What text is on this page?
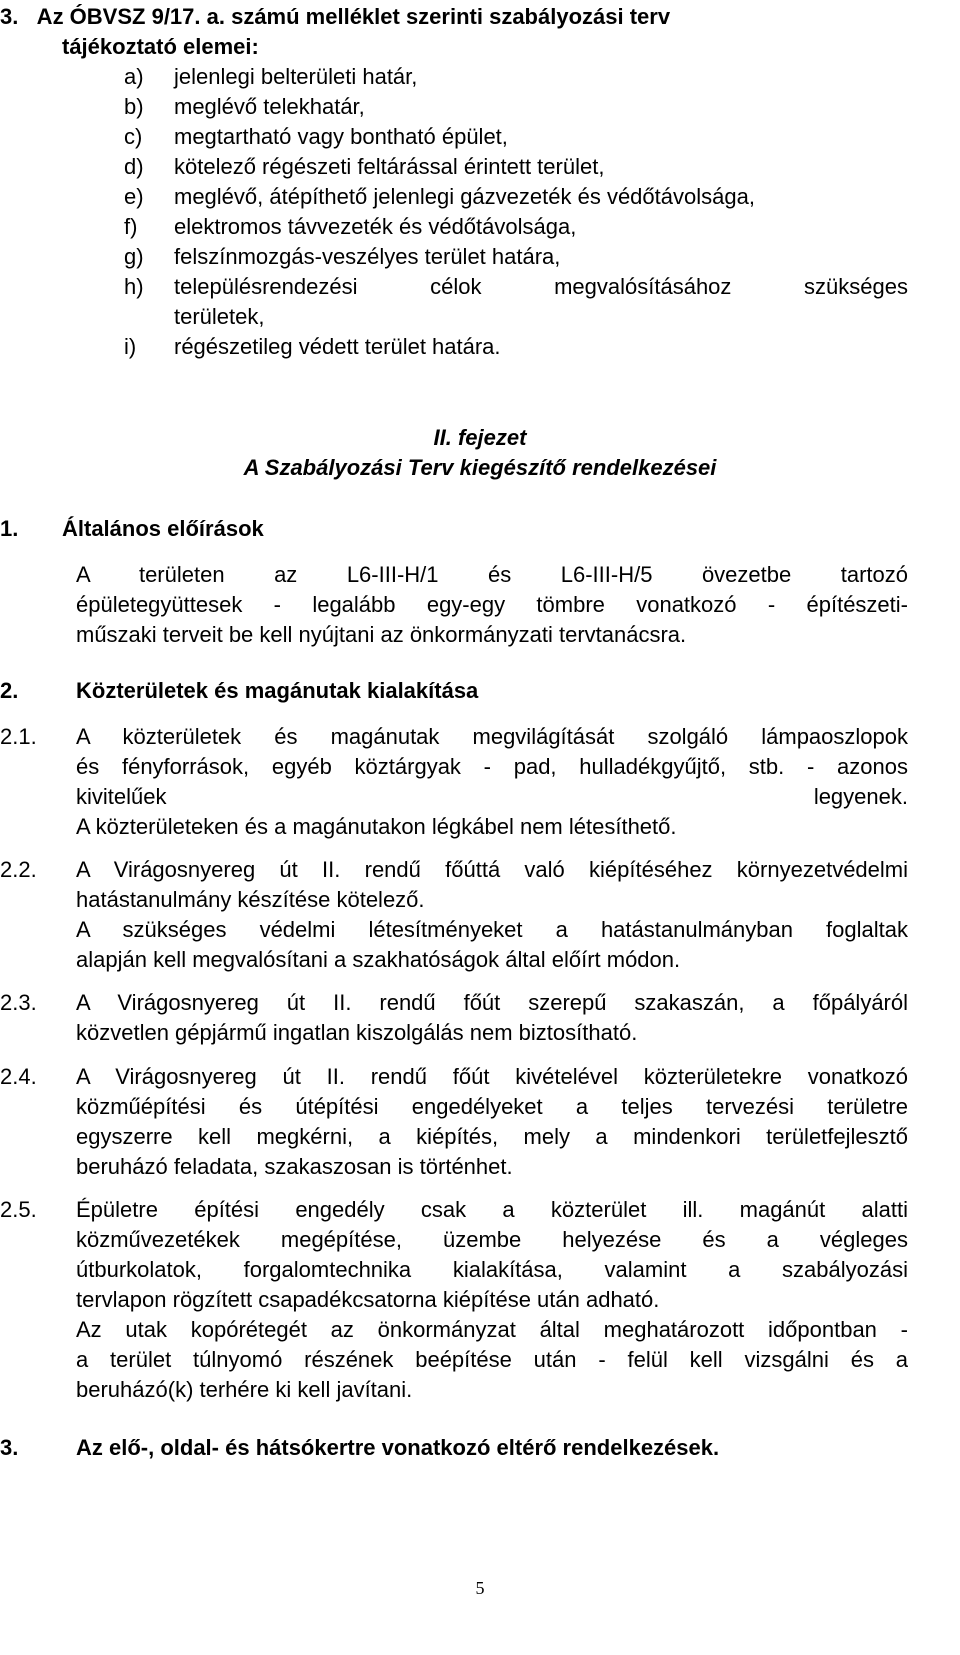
3.   Az ÓBVSZ 9/17. a. számú melléklet szerinti szabályozási terv
tájékoztató elemei:
a) jelenlegi belterületi határ,
b) meglévő telekhatár,
c) megtartható vagy bontható épület,
d) kötelező régészeti feltárással érintett terület,
e) meglévő, átépíthető jelenlegi gázvezeték és védőtávolsága,
f) elektromos távvezeték és védőtávolsága,
g) felszínmozgás-veszélyes terület határa,
h) településrendezési célok megvalósításához szükséges
területek,
i) régészetileg védett terület határa.
II. fejezet
A Szabályozási Terv kiegészítő rendelkezései
1. Általános előírások
A területen az L6-III-H/1 és L6-III-H/5 övezetbe tartozó
épületegyüttesek - legalább egy-egy tömbre vonatkozó - építészeti-
műszaki terveit be kell nyújtani az önkormányzati tervtanácsra.
2.	Közterületek és magánutak kialakítása
2.1. A közterületek és magánutak megvilágítását szolgáló lámpaoszlopok
és fényforrások, egyéb köztárgyak - pad, hulladékgyűjtő, stb. - azonos
kivitelűek legyenek.
A közterületeken és a magánutakon légkábel nem létesíthető.
2.2. A Virágosnyereg út II. rendű főúttá való kiépítéséhez környezetvédelmi
hatástanulmány készítése kötelező.
A szükséges védelmi létesítményeket a hatástanulmányban foglaltak
alapján kell megvalósítani a szakhatóságok által előírt módon.
2.3. A Virágosnyereg út II. rendű főút szerepű szakaszán, a főpályáról
közvetlen gépjármű ingatlan kiszolgálás nem biztosítható.
2.4. A Virágosnyereg út II. rendű főút kivételével közterületekre vonatkozó
közműépítési és útépítési engedélyeket a teljes tervezési területre
egyszerre kell megkérni, a kiépítés, mely a mindenkori területfejlesztő
beruházó feladata, szakaszosan is történhet.
2.5. Épületre építési engedély csak a közterület ill. magánút alatti
közművezetékek megépítése, üzembe helyezése és a végleges
útburkolatok, forgalomtechnika kialakítása, valamint a szabályozási
tervlapon rögzített csapadékcsatorna kiépítése után adható.
Az utak kopórétegét az önkormányzat által meghatározott időpontban -
a terület túlnyomó részének beépítése után - felül kell vizsgálni és a
beruházó(k) terhére ki kell javítani.
3.	Az elő-, oldal- és hátsókertre vonatkozó eltérő rendelkezések.
5
